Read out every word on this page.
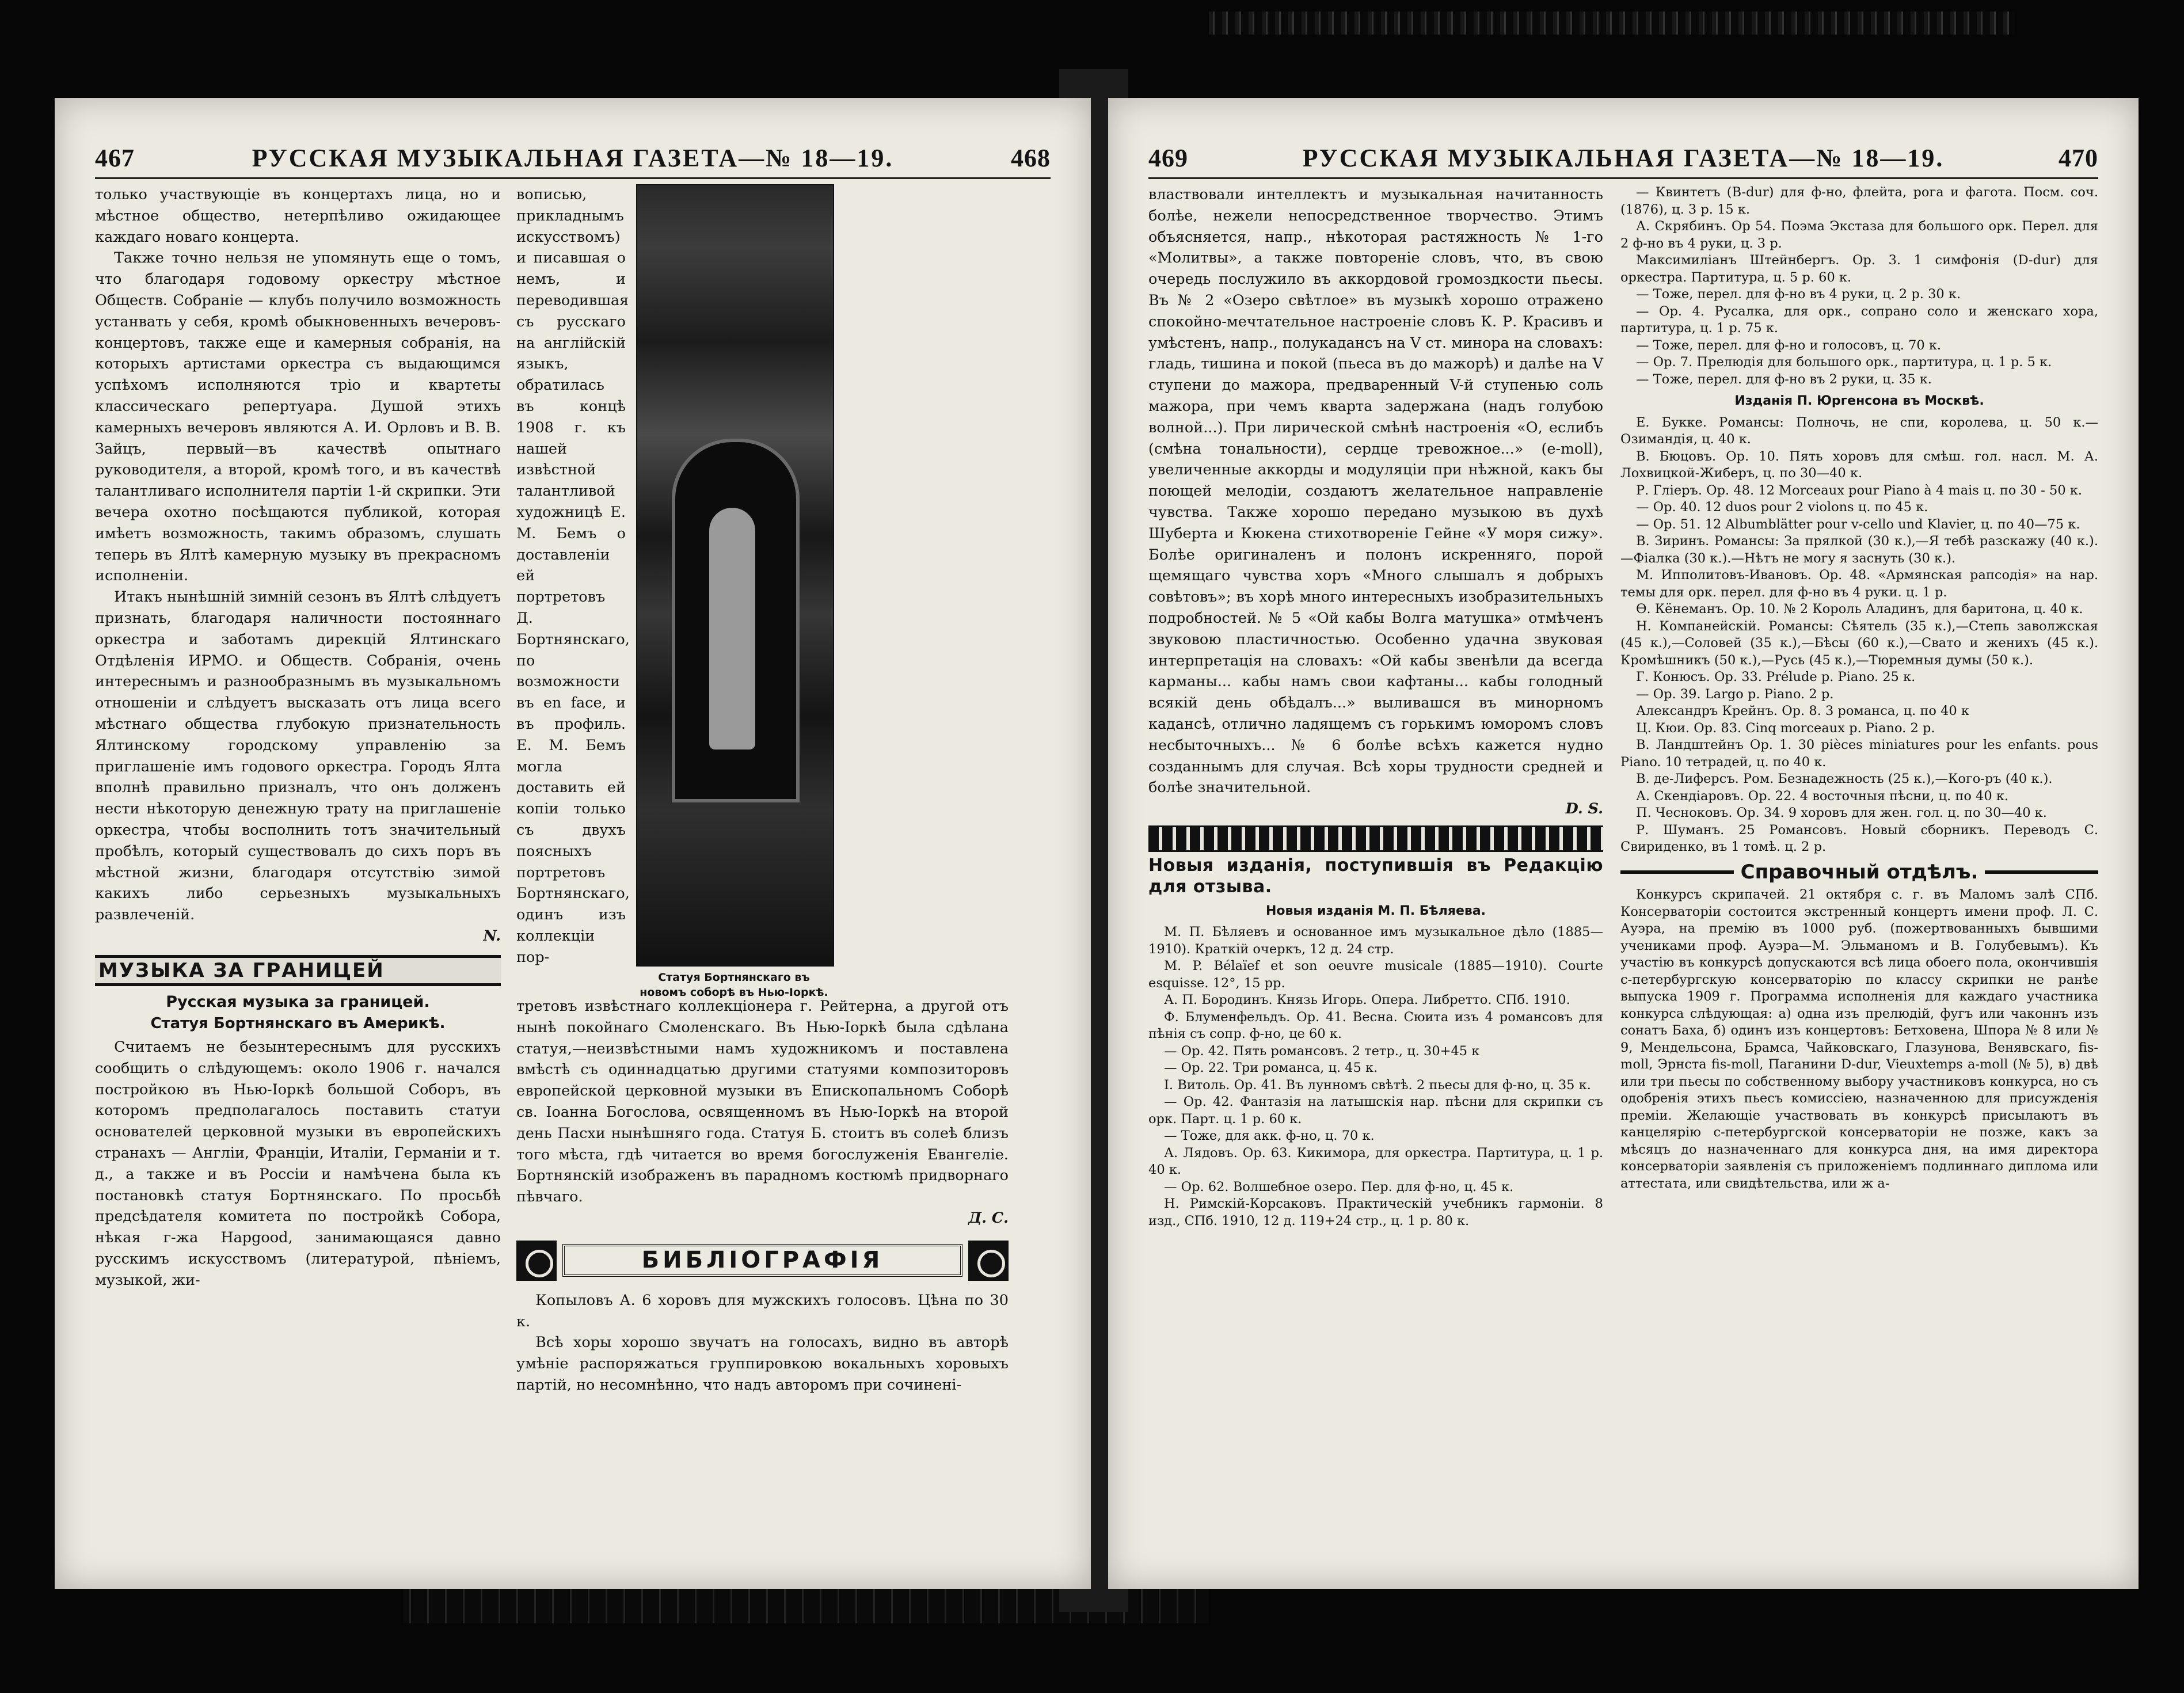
467	РУССКАЯ МУЗЫКАЛЬНАЯ ГАЗЕТА—№ 18—19.	468

только участвующіе въ концертахъ лица, но и мѣстное общество, нетерпѣливо ожидающее каждаго новаго концерта.

Также точно нельзя не упомянуть еще о томъ, что благодаря годовому оркестру мѣстное Обществ. Собраніе — клубъ получило возможность устанвать у себя, кромѣ обыкновенныхъ вечеровъ-концертовъ, также еще и камерныя собранія, на которыхъ артистами оркестра съ выдающимся успѣхомъ исполняются тріо и квартеты классическаго репертуара. Душой этихъ камерныхъ вечеровъ являются А. И. Орловъ и В. В. Зайцъ, первый—въ качествѣ опытнаго руководителя, а второй, кромѣ того, и въ качествѣ талантливаго исполнителя партіи 1-й скрипки. Эти вечера охотно посѣщаются публикой, которая имѣетъ возможность, такимъ образомъ, слушать теперь въ Ялтѣ камерную музыку въ прекрасномъ исполненіи.

Итакъ нынѣшній зимній сезонъ въ Ялтѣ слѣдуетъ признать, благодаря наличности постояннаго оркестра и заботамъ дирекцій Ялтинскаго Отдѣленія ИРМО. и Обществ. Собранія, очень интереснымъ и разнообразнымъ въ музыкальномъ отношеніи и слѣдуетъ высказать отъ лица всего мѣстнаго общества глубокую признательность Ялтинскому городскому управленію за приглашеніе имъ годового оркестра. Городъ Ялта вполнѣ правильно призналъ, что онъ долженъ нести нѣкоторую денежную трату на приглашеніе оркестра, чтобы восполнить тотъ значительный пробѣлъ, который существовалъ до сихъ поръ въ мѣстной жизни, благодаря отсутствію зимой какихъ либо серьезныхъ музыкальныхъ развлеченій.

N.
МУЗЫКА ЗА ГРАНИЦЕЙ
Русская музыка за границей.
Статуя Бортнянскаго въ Америкѣ.

Считаемъ не безынтереснымъ для русскихъ сообщить о слѣдующемъ: около 1906 г. начался постройкою въ Нью-Іоркѣ большой Соборъ, въ которомъ предполагалось поставить статуи основателей церковной музыки въ европейскихъ странахъ — Англіи, Франціи, Италіи, Германіи и т. д., а также и въ Россіи и намѣчена была къ постановкѣ статуя Бортнянскаго. По просьбѣ предсѣдателя комитета по постройкѣ Собора, нѣкая г-жа Нарgood, занимающаяся давно русскимъ искусствомъ (литературой, пѣніемъ, музыкой, жи-

вописью, прикладнымъ искусствомъ) и писавшая о немъ, и переводившая съ русскаго на англійскій языкъ, обратилась въ концѣ 1908 г. къ нашей извѣстной талантливой художницѣ Е. М. Бемъ о доставленіи ей портретовъ Д. Бортнянскаго, по возможности въ en face, и въ профиль. Е. М. Бемъ могла доставить ей копіи только съ двухъ поясныхъ портретовъ Бортнянскаго, одинъ изъ коллекціи пор-

Статуя Бортнянскаго въ новомъ соборѣ въ Нью-Іоркѣ.

третовъ извѣстнаго коллекціонера г. Рейтерна, а другой отъ нынѣ покойнаго Смоленскаго. Въ Нью-Іоркѣ была сдѣлана статуя,—неизвѣстными намъ художникомъ и поставлена вмѣстѣ съ одиннадцатью другими статуями композиторовъ европейской церковной музыки въ Епископальномъ Соборѣ св. Іоанна Богослова, освященномъ въ Нью-Іоркѣ на второй день Пасхи нынѣшняго года. Статуя Б. стоитъ въ солеѣ близъ того мѣста, гдѣ читается во время богослуженія Евангеліе. Бортнянскій изображенъ въ парадномъ костюмѣ придворнаго пѣвчаго.

Д. С.
БИБЛІОГРАФІЯ

Копыловъ А. 6 хоровъ для мужскихъ голосовъ. Цѣна по 30 к.

Всѣ хоры хорошо звучатъ на голосахъ, видно въ авторѣ умѣніе распоряжаться группировкою вокальныхъ хоровыхъ партій, но несомнѣнно, что надъ авторомъ при сочинені-

469	РУССКАЯ МУЗЫКАЛЬНАЯ ГАЗЕТА—№ 18—19.	470

властвовали интеллектъ и музыкальная начитанность болѣе, нежели непосредственное творчество. Этимъ объясняется, напр., нѣкоторая растяжность № 1-го «Молитвы», а также повтореніе словъ, что, въ свою очередь послужило въ аккордовой громоздкости пьесы. Въ № 2 «Озеро свѣтлое» въ музыкѣ хорошо отражено спокойно-мечтательное настроеніе словъ К. Р. Красивъ и умѣстенъ, напр., полукаданcъ на V ст. минора на словахъ: гладь, тишина и покой (пьеса въ до мажорѣ) и далѣе на V ступени до мажора, предваренный V-й ступенью соль мажора, при чемъ кварта задержана (надъ голубою волной...). При лирической смѣнѣ настроенія «О, еслибъ (смѣна тональности), сердце тревожное...» (e-moll), увеличенные аккорды и модуляціи при нѣжной, какъ бы поющей мелодіи, создаютъ желательное направленіе чувства. Также хорошо передано музыкою въ духѣ Шуберта и Кюкена стихотвореніе Гейне «У моря сижу». Болѣе оригиналенъ и полонъ искренняго, порой щемящаго чувства хоръ «Много слышалъ я добрыхъ совѣтовъ»; въ хорѣ много интересныхъ изобразительныхъ подробностей. № 5 «Ой кабы Волга матушка» отмѣченъ звуковою пластичностью. Особенно удачна звуковая интерпретація на словахъ: «Ой кабы звенѣли да всегда карманы... кабы намъ свои кафтаны... кабы голодный всякій день обѣдалъ...» выливашся въ минорномъ кадансѣ, отлично ладящемъ съ горькимъ юморомъ словъ несбыточныхъ... № 6 болѣе всѣхъ кажется нудно созданнымъ для случая. Всѣ хоры трудности средней и болѣе значительной.

D. S.
Новыя изданія, поступившія въ Редакцію для отзыва.

Новыя изданія М. П. Бѣляева.

М. П. Бѣляевъ и основанное имъ музыкальное дѣло (1885—1910). Краткій очеркъ, 12 д. 24 стр.

M. P. Bélaïef et son oeuvre musicale (1885—1910). Courte esquisse. 12°, 15 pp.

А. П. Бородинъ. Князь Игорь. Опера. Либретто. СПб. 1910.

Ф. Блуменфельдъ. Ор. 41. Весна. Сюита изъ 4 романсовъ для пѣнія съ сопр. ф-но, це 60 к.

— Ор. 42. Пять романсовъ. 2 тетр., ц. 30+45 к

— Ор. 22. Три романса, ц. 45 к.

I. Витоль. Ор. 41. Въ лунномъ свѣтѣ. 2 пьесы для ф-но, ц. 35 к.

— Ор. 42. Фантазія на латышскія нар. пѣсни для скрипки съ орк. Парт. ц. 1 р. 60 к.

— Тоже, для акк. ф-но, ц. 70 к.

А. Лядовъ. Ор. 63. Кикимора, для оркестра. Партитура, ц. 1 р. 40 к.

— Ор. 62. Волшебное озеро. Пер. для ф-но, ц. 45 к.

Н. Римскій-Корсаковъ. Практическій учебникъ гармоніи. 8 изд., СПб. 1910, 12 д. 119+24 стр., ц. 1 р. 80 к.

— Квинтетъ (B-dur) для ф-но, флейта, рога и фагота. Посм. соч. (1876), ц. 3 р. 15 к.

А. Скрябинъ. Ор 54. Поэма Экстаза для большого орк. Перел. для 2 ф-но въ 4 руки, ц. 3 р.

Максимиліанъ Штейнбергъ. Ор. 3. 1 симфонія (D-dur) для оркестра. Партитура, ц. 5 р. 60 к.

— Тоже, перел. для ф-но въ 4 руки, ц. 2 р. 30 к.

— Ор. 4. Русалка, для орк., сопрано соло и женскаго хора, партитура, ц. 1 р. 75 к.

— Тоже, перел. для ф-но и голосовъ, ц. 70 к.

— Ор. 7. Прелюдія для большого орк., партитура, ц. 1 р. 5 к.

— Тоже, перел. для ф-но въ 2 руки, ц. 35 к.

Изданія П. Юргенсона въ Москвѣ.

Е. Букке. Романсы: Полночь, не спи, королева, ц. 50 к.—Озимандія, ц. 40 к.

В. Бюцовъ. Ор. 10. Пять хоровъ для смѣш. гол. насл. М. А. Лохвицкой-Жиберъ, ц. по 30—40 к.

Р. Гліеръ. Ор. 48. 12 Morceaux pour Piano à 4 mais ц. по 30 - 50 к.

— Ор. 40. 12 duos pour 2 violons ц. по 45 к.

— Ор. 51. 12 Albumblätter pour v-cello und Klavier, ц. по 40—75 к.

В. Зиринъ. Романсы: За прялкой (30 к.),—Я тебѣ разскажу (40 к.).—Фіалка (30 к.).—Нѣтъ не могу я заснуть (30 к.).

М. Ипполитовъ-Ивановъ. Ор. 48. «Армянская рапсодія» на нар. темы для орк. перел. для ф-но въ 4 руки. ц. 1 р.

Ө. Кёнеманъ. Ор. 10. № 2 Король Аладинъ, для баритона, ц. 40 к.

Н. Компанейскій. Романсы: Сѣятель (35 к.),—Степь заволжская (45 к.),—Соловей (35 к.),—Бѣсы (60 к.),—Свато и женихъ (45 к.). Кромѣшникъ (50 к.),—Русь (45 к.),—Тюремныя думы (50 к.).

Г. Конюсъ. Ор. 33. Prélude p. Piano. 25 к.

— Ор. 39. Largo p. Piano. 2 р.

Александръ Крейнъ. Ор. 8. 3 романса, ц. по 40 к

Ц. Кюи. Ор. 83. Cinq morceaux p. Piano. 2 р.

В. Ландштейнъ Ор. 1. 30 pièces miniatures pour les enfants. pous Piano. 10 тетрадей, ц. по 40 к.

В. де-Лиферсъ. Ром. Безнадежность (25 к.),—Кого-ръ (40 к.).

А. Скендіаровъ. Ор. 22. 4 восточныя пѣсни, ц. по 40 к.

П. Чесноковъ. Ор. 34. 9 хоровъ для жен. гол. ц. по 30—40 к.

Р. Шуманъ. 25 Романсовъ. Новый сборникъ. Переводъ С. Свириденко, въ 1 томѣ. ц. 2 р.

Справочный отдѣлъ.

Конкурсъ скрипачей. 21 октября с. г. въ Маломъ залѣ СПб. Консерваторіи состоится экстренный концертъ имени проф. Л. С. Ауэра, на премію въ 1000 руб. (пожертвованныхъ бывшими учениками проф. Ауэра—М. Эльманомъ и В. Голубевымъ). Къ участію въ конкурсѣ допускаются всѣ лица обоего пола, окончившія с-петербургскую консерваторію по классу скрипки не ранѣе выпуска 1909 г. Программа исполненія для каждаго участника конкурса слѣдующая: а) одна изъ прелюдій, фугъ или чаконнъ изъ сонатъ Баха, б) одинъ изъ концертовъ: Бетховена, Шпора № 8 или № 9, Мендельсона, Брамса, Чайковскаго, Глазунова, Венявскаго, fis-moll, Эрнста fis-moll, Паганини D-dur, Vieuxtemps a-moll (№ 5), в) двѣ или три пьесы по собственному выбору участниковъ конкурса, но съ одобренія этихъ пьесъ комиссіею, назначенною для присужденія преміи. Желающіе участвовать въ конкурсѣ присылаютъ въ канцелярію с-петербургской консерваторіи не позже, какъ за мѣсяцъ до назначеннаго для конкурса дня, на имя директора консерваторіи заявленія съ приложеніемъ подлиннаго диплома или аттестата, или свидѣтельства, или ж а-
